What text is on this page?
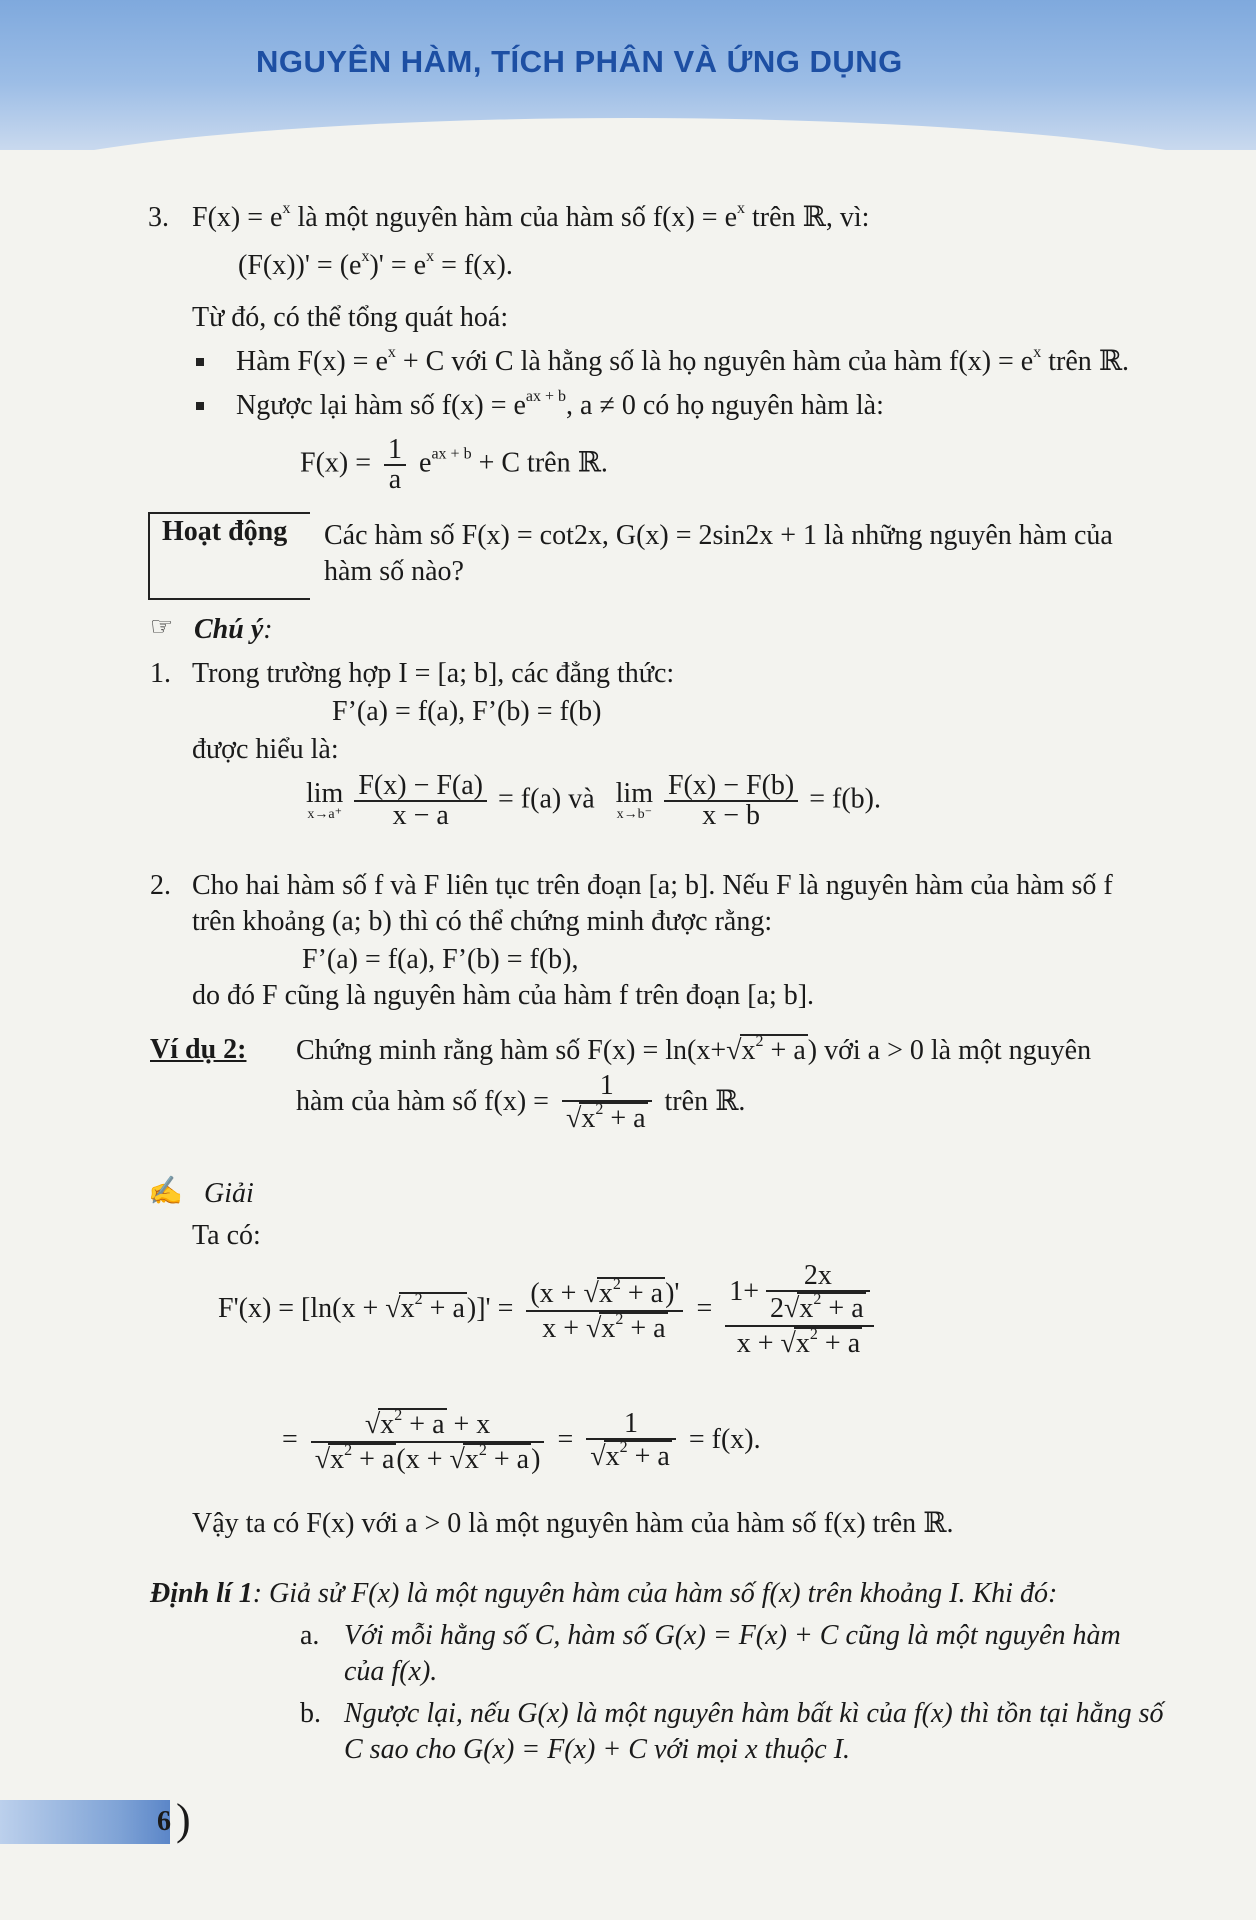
NGUYÊN HÀM, TÍCH PHÂN VÀ ỨNG DỤNG
3. $F(x) = e^x$ là một nguyên hàm của hàm số $f(x) = e^x$ trên ℝ, vì:
$(F(x))' = (e^x)' = e^x = f(x)$.
Từ đó, có thể tổng quát hoá:
Hàm $F(x) = e^x + C$ với C là hằng số là họ nguyên hàm của hàm $f(x) = e^x$ trên ℝ.
Ngược lại hàm số $f(x) = e^{ax + b}$, a ≠ 0 có họ nguyên hàm là:
$F(x) = \frac{1}{a} e^{ax + b} + C$ trên ℝ.
Hoạt động Các hàm số F(x) = cot2x, G(x) = 2sin2x + 1 là những nguyên hàm của
hàm số nào?
☞ Chú ý:
1. Trong trường hợp I = [a; b], các đẳng thức:
F’(a) = f(a), F’(b) = f(b)
được hiểu là:
lim
x→a⁺
$\frac{F(x) - F(a)}{x - a} = f(a)$ và lim
x→b⁻
$\frac{F(x) - F(b)}{x - b} = f(b)$.
2. Cho hai hàm số f và F liên tục trên đoạn [a; b]. Nếu F là nguyên hàm của hàm số f
trên khoảng (a; b) thì có thể chứng minh được rằng:
F’(a) = f(a), F’(b) = f(b),
do đó F cũng là nguyên hàm của hàm f trên đoạn [a; b].
Ví dụ 2: Chứng minh rằng hàm số $F(x) = \ln(x+√x^2 + a)$ với a > 0 là một nguyên
hàm của hàm số $f(x) = \frac{1}{√x^2 + a}$ trên ℝ.
✍ Giải
Ta có:
$F'(x) = [\ln(x + √x^2 + a)]' = \frac{(x + √x^2 + a)'}{x + √x^2 + a} = \frac{1+ \frac{2x}{2√x^2 + a}}{x + √x^2 + a}$
= $\frac{√x^2 + a + x}{√x^2 + a(x + √x^2 + a)} = \frac{1}{√x^2 + a} = f(x)$.
Vậy ta có F(x) với a > 0 là một nguyên hàm của hàm số f(x) trên ℝ.
Định lí 1: Giả sử F(x) là một nguyên hàm của hàm số f(x) trên khoảng I. Khi đó:
a. Với mỗi hằng số C, hàm số G(x) = F(x) + C cũng là một nguyên hàm
của f(x).
b. Ngược lại, nếu G(x) là một nguyên hàm bất kì của f(x) thì tồn tại hằng số
C sao cho G(x) = F(x) + C với mọi x thuộc I.
6 )
